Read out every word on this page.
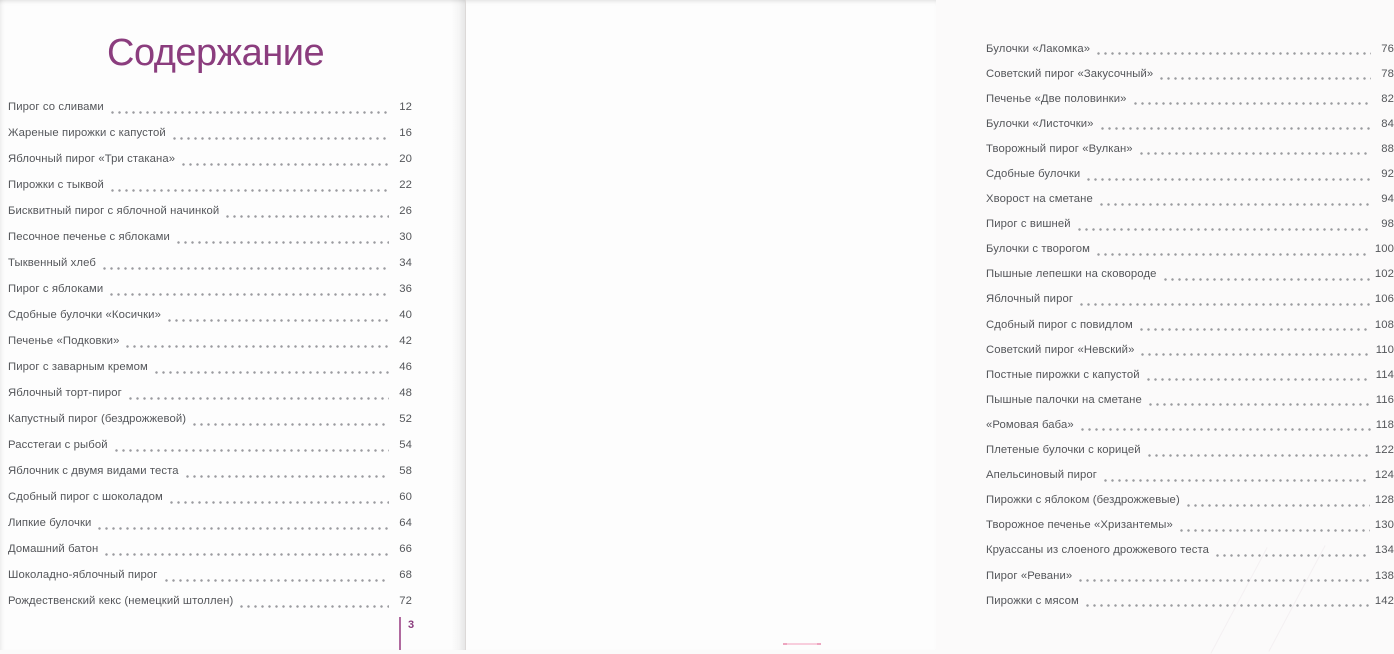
Содержание
Пирог со сливами	12
Жареные пирожки с капустой	16
Яблочный пирог «Три стакана»	20
Пирожки с тыквой	22
Бисквитный пирог с яблочной начинкой	26
Песочное печенье с яблоками	30
Тыквенный хлеб	34
Пирог с яблоками	36
Сдобные булочки «Косички»	40
Печенье «Подковки»	42
Пирог с заварным кремом	46
Яблочный торт-пирог	48
Капустный пирог (бездрожжевой)	52
Расстегаи с рыбой	54
Яблочник с двумя видами теста	58
Сдобный пирог с шоколадом	60
Липкие булочки	64
Домашний батон	66
Шоколадно-яблочный пирог	68
Рождественский кекс (немецкий штоллен)	72
3
Булочки «Лакомка»	76
Советский пирог «Закусочный»	78
Печенье «Две половинки»	82
Булочки «Листочки»	84
Творожный пирог «Вулкан»	88
Сдобные булочки	92
Хворост на сметане	94
Пирог с вишней	98
Булочки с творогом	100
Пышные лепешки на сковороде	102
Яблочный пирог	106
Сдобный пирог с повидлом	108
Советский пирог «Невский»	110
Постные пирожки с капустой	114
Пышные палочки на сметане	116
«Ромовая баба»	118
Плетеные булочки с корицей	122
Апельсиновый пирог	124
Пирожки с яблоком (бездрожжевые)	128
Творожное печенье «Хризантемы»	130
Круассаны из слоеного дрожжевого теста	134
Пирог «Ревани»	138
Пирожки с мясом	142
